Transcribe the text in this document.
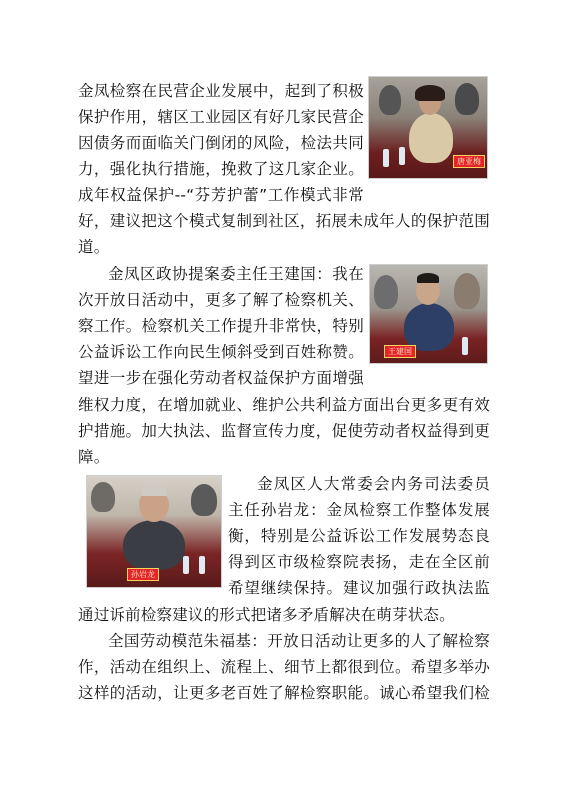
金凤检察在民营企业发展中，起到了积极
保护作用，辖区工业园区有好几家民营企
因债务而面临关门倒闭的风险，检法共同
力，强化执行措施，挽救了这几家企业。
成年权益保护--“芬芳护蕾”工作模式非常
好，建议把这个模式复制到社区，拓展未成年人的保护范围
道。
金凤区政协提案委主任王建国：我在
次开放日活动中，更多了解了检察机关、
察工作。检察机关工作提升非常快，特别
公益诉讼工作向民生倾斜受到百姓称赞。
望进一步在强化劳动者权益保护方面增强
维权力度，在增加就业、维护公共利益方面出台更多更有效
护措施。加大执法、监督宣传力度，促使劳动者权益得到更
障。
金凤区人大常委会内务司法委员
主任孙岩龙：金凤检察工作整体发展
衡，特别是公益诉讼工作发展势态良
得到区市级检察院表扬，走在全区前
希望继续保持。建议加强行政执法监
通过诉前检察建议的形式把诸多矛盾解决在萌芽状态。
全国劳动模范朱福基：开放日活动让更多的人了解检察
作，活动在组织上、流程上、细节上都很到位。希望多举办
这样的活动，让更多老百姓了解检察职能。诚心希望我们检
唐亚梅
王建国
孙岩龙
